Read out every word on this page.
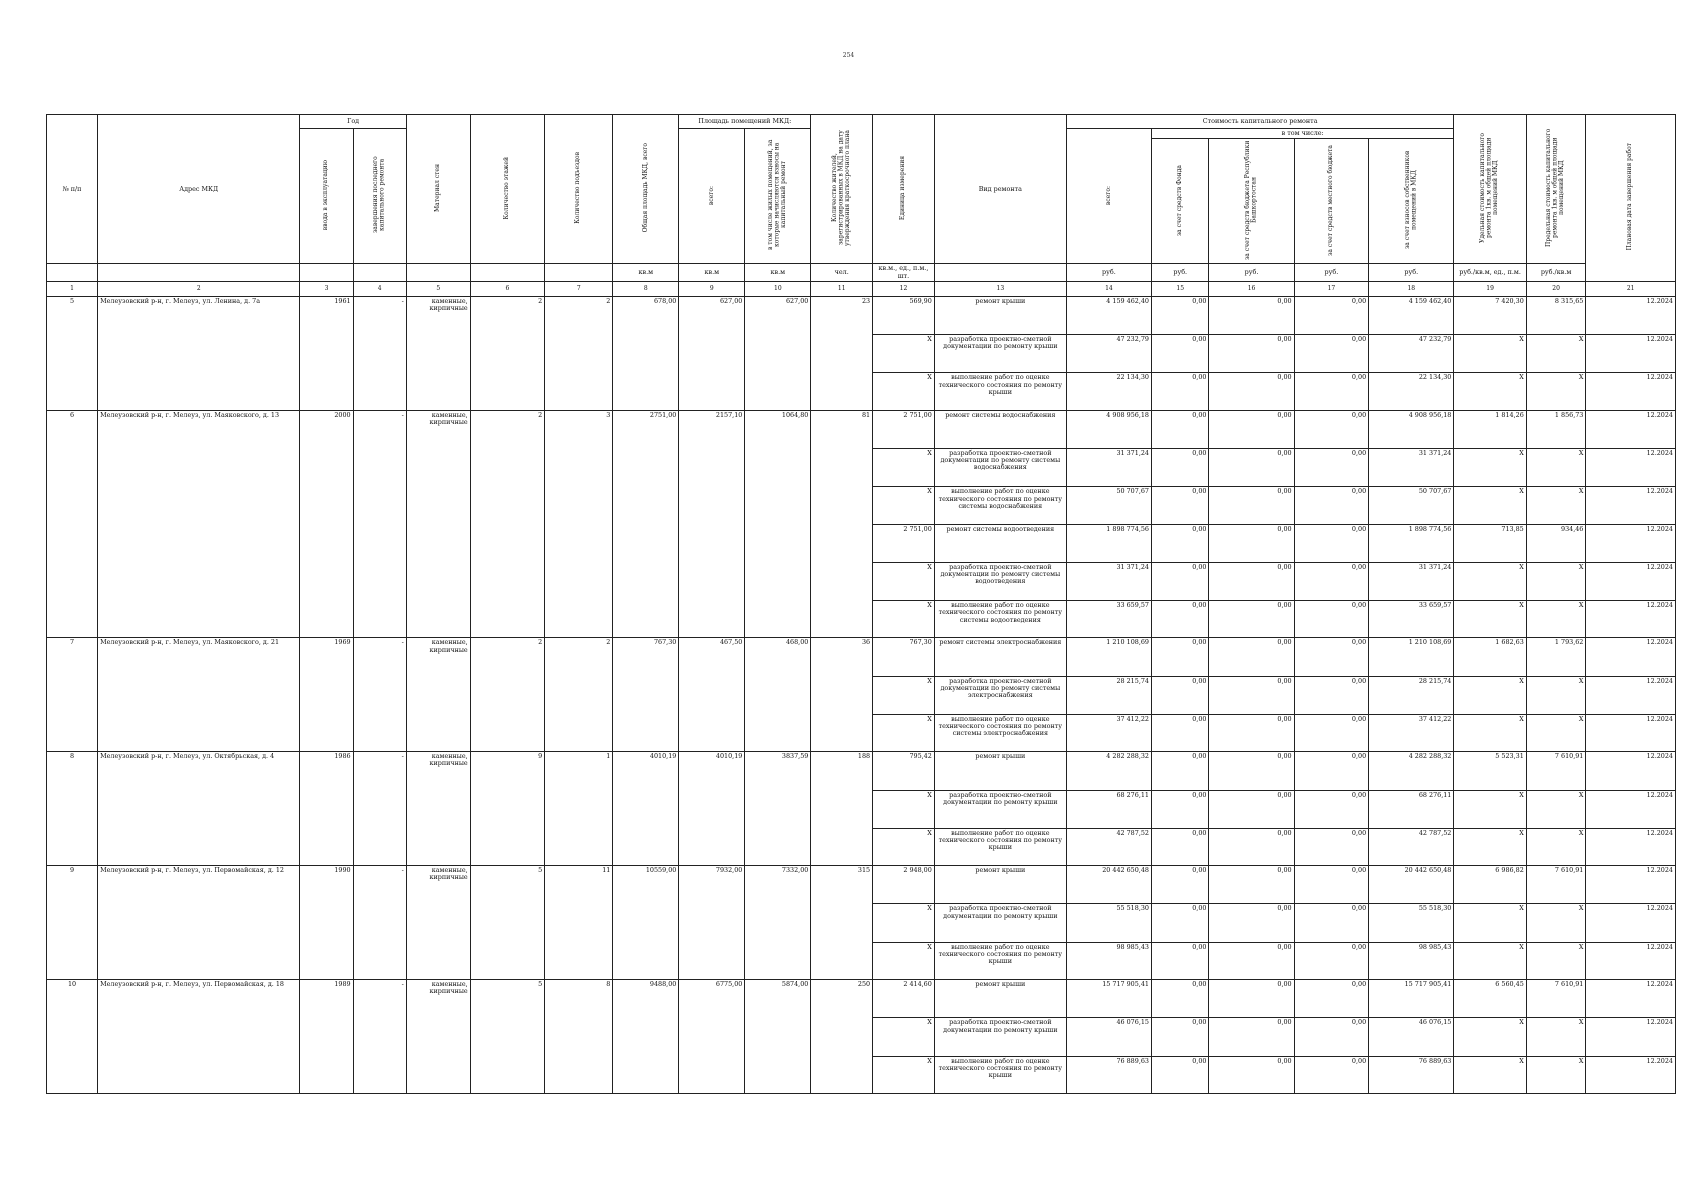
254
№ п/п	Адрес МКД	Год		Материал стен	Количество этажей	Количество подъездов	Общая площадь МКД, всего	Площадь помещений МКД:		Количество жителей, зарегистрированных в МКД на дату утверждения краткосрочного плана	Единица измерения	Вид ремонта	Стоимость капитального ремонта					Удельная стоимость капитального ремонта 1кв. м общей площади помещений МКД	Предельная стоимость капитального ремонта 1кв. м общей площади помещений МКД	Плановая дата завершения работ
		ввода в эксплуатацию	завершения последнего капитального ремонта					всего:	в том числе жилых помещений, за которые начисляются взносы на капитальный ремонт				всего:	в том числе:						
														за счет средств Фонда	за счет средств бюджета Республики Башкортостан	за счет средств местного бюджета	за счет взносов собственников помещений в МКД			
							кв.м	кв.м	кв.м	чел.	кв.м., ед., п.м., шт.		руб.	руб.	руб.	руб.	руб.	руб./кв.м, ед., п.м.	руб./кв.м	
1	2	3	4	5	6	7	8	9	10	11	12	13	14	15	16	17	18	19	20	21
5	Мелеузовский р-н, г. Мелеуз, ул. Ленина, д. 7а	1961	-	каменные, кирпичные	2	2	678,00	627,00	627,00	23	569,90	ремонт крыши	4 159 462,40	0,00	0,00	0,00	4 159 462,40	7 420,30	8 315,65	12.2024
											X	разработка проектно-сметной документации по ремонту крыши	47 232,79	0,00	0,00	0,00	47 232,79	X	X	12.2024
											X	выполнение работ по оценке технического состояния по ремонту крыши	22 134,30	0,00	0,00	0,00	22 134,30	X	X	12.2024
6	Мелеузовский р-н, г. Мелеуз, ул. Маяковского, д. 13	2000	-	каменные, кирпичные	2	3	2751,00	2157,10	1064,80	81	2 751,00	ремонт системы водоснабжения	4 908 956,18	0,00	0,00	0,00	4 908 956,18	1 814,26	1 856,73	12.2024
											X	разработка проектно-сметной документации по ремонту системы водоснабжения	31 371,24	0,00	0,00	0,00	31 371,24	X	X	12.2024
											X	выполнение работ по оценке технического состояния по ремонту системы водоснабжения	50 707,67	0,00	0,00	0,00	50 707,67	X	X	12.2024
											2 751,00	ремонт системы водоотведения	1 898 774,56	0,00	0,00	0,00	1 898 774,56	713,85	934,46	12.2024
											X	разработка проектно-сметной документации по ремонту системы водоотведения	31 371,24	0,00	0,00	0,00	31 371,24	X	X	12.2024
											X	выполнение работ по оценке технического состояния по ремонту системы водоотведения	33 659,57	0,00	0,00	0,00	33 659,57	X	X	12.2024
7	Мелеузовский р-н, г. Мелеуз, ул. Маяковского, д. 21	1969	-	каменные, кирпичные	2	2	767,30	467,50	468,00	36	767,30	ремонт системы электроснабжения	1 210 108,69	0,00	0,00	0,00	1 210 108,69	1 682,63	1 793,62	12.2024
											X	разработка проектно-сметной документации по ремонту системы электроснабжения	28 215,74	0,00	0,00	0,00	28 215,74	X	X	12.2024
											X	выполнение работ по оценке технического состояния по ремонту системы электроснабжения	37 412,22	0,00	0,00	0,00	37 412,22	X	X	12.2024
8	Мелеузовский р-н, г. Мелеуз, ул. Октябрьская, д. 4	1986	-	каменные, кирпичные	9	1	4010,19	4010,19	3837,59	188	795,42	ремонт крыши	4 282 288,32	0,00	0,00	0,00	4 282 288,32	5 523,31	7 610,91	12.2024
											X	разработка проектно-сметной документации по ремонту крыши	68 276,11	0,00	0,00	0,00	68 276,11	X	X	12.2024
											X	выполнение работ по оценке технического состояния по ремонту крыши	42 787,52	0,00	0,00	0,00	42 787,52	X	X	12.2024
9	Мелеузовский р-н, г. Мелеуз, ул. Первомайская, д. 12	1990	-	каменные, кирпичные	5	11	10559,00	7932,00	7332,00	315	2 948,00	ремонт крыши	20 442 650,48	0,00	0,00	0,00	20 442 650,48	6 986,82	7 610,91	12.2024
											X	разработка проектно-сметной документации по ремонту крыши	55 518,30	0,00	0,00	0,00	55 518,30	X	X	12.2024
											X	выполнение работ по оценке технического состояния по ремонту крыши	98 985,43	0,00	0,00	0,00	98 985,43	X	X	12.2024
10	Мелеузовский р-н, г. Мелеуз, ул. Первомайская, д. 18	1989	-	каменные, кирпичные	5	8	9488,00	6775,00	5874,00	250	2 414,60	ремонт крыши	15 717 905,41	0,00	0,00	0,00	15 717 905,41	6 560,45	7 610,91	12.2024
											X	разработка проектно-сметной документации по ремонту крыши	46 076,15	0,00	0,00	0,00	46 076,15	X	X	12.2024
											X	выполнение работ по оценке технического состояния по ремонту крыши	76 889,63	0,00	0,00	0,00	76 889,63	X	X	12.2024
